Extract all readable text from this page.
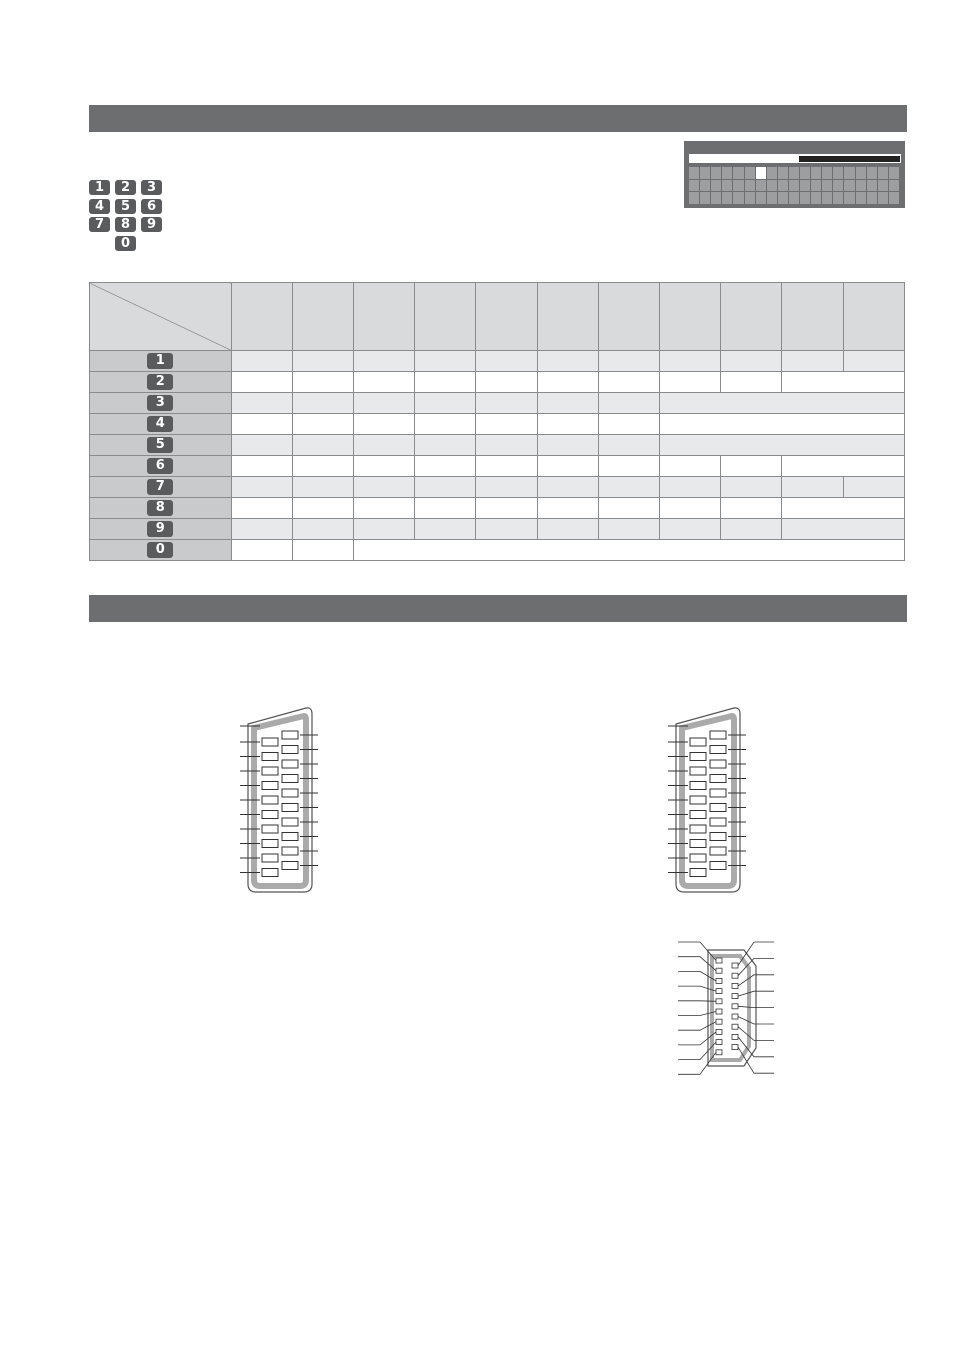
1	2	3
4	5	6
7	8	9
0

1											
2											
3											
4											
5											
6											
7											
8											
9											
0											
